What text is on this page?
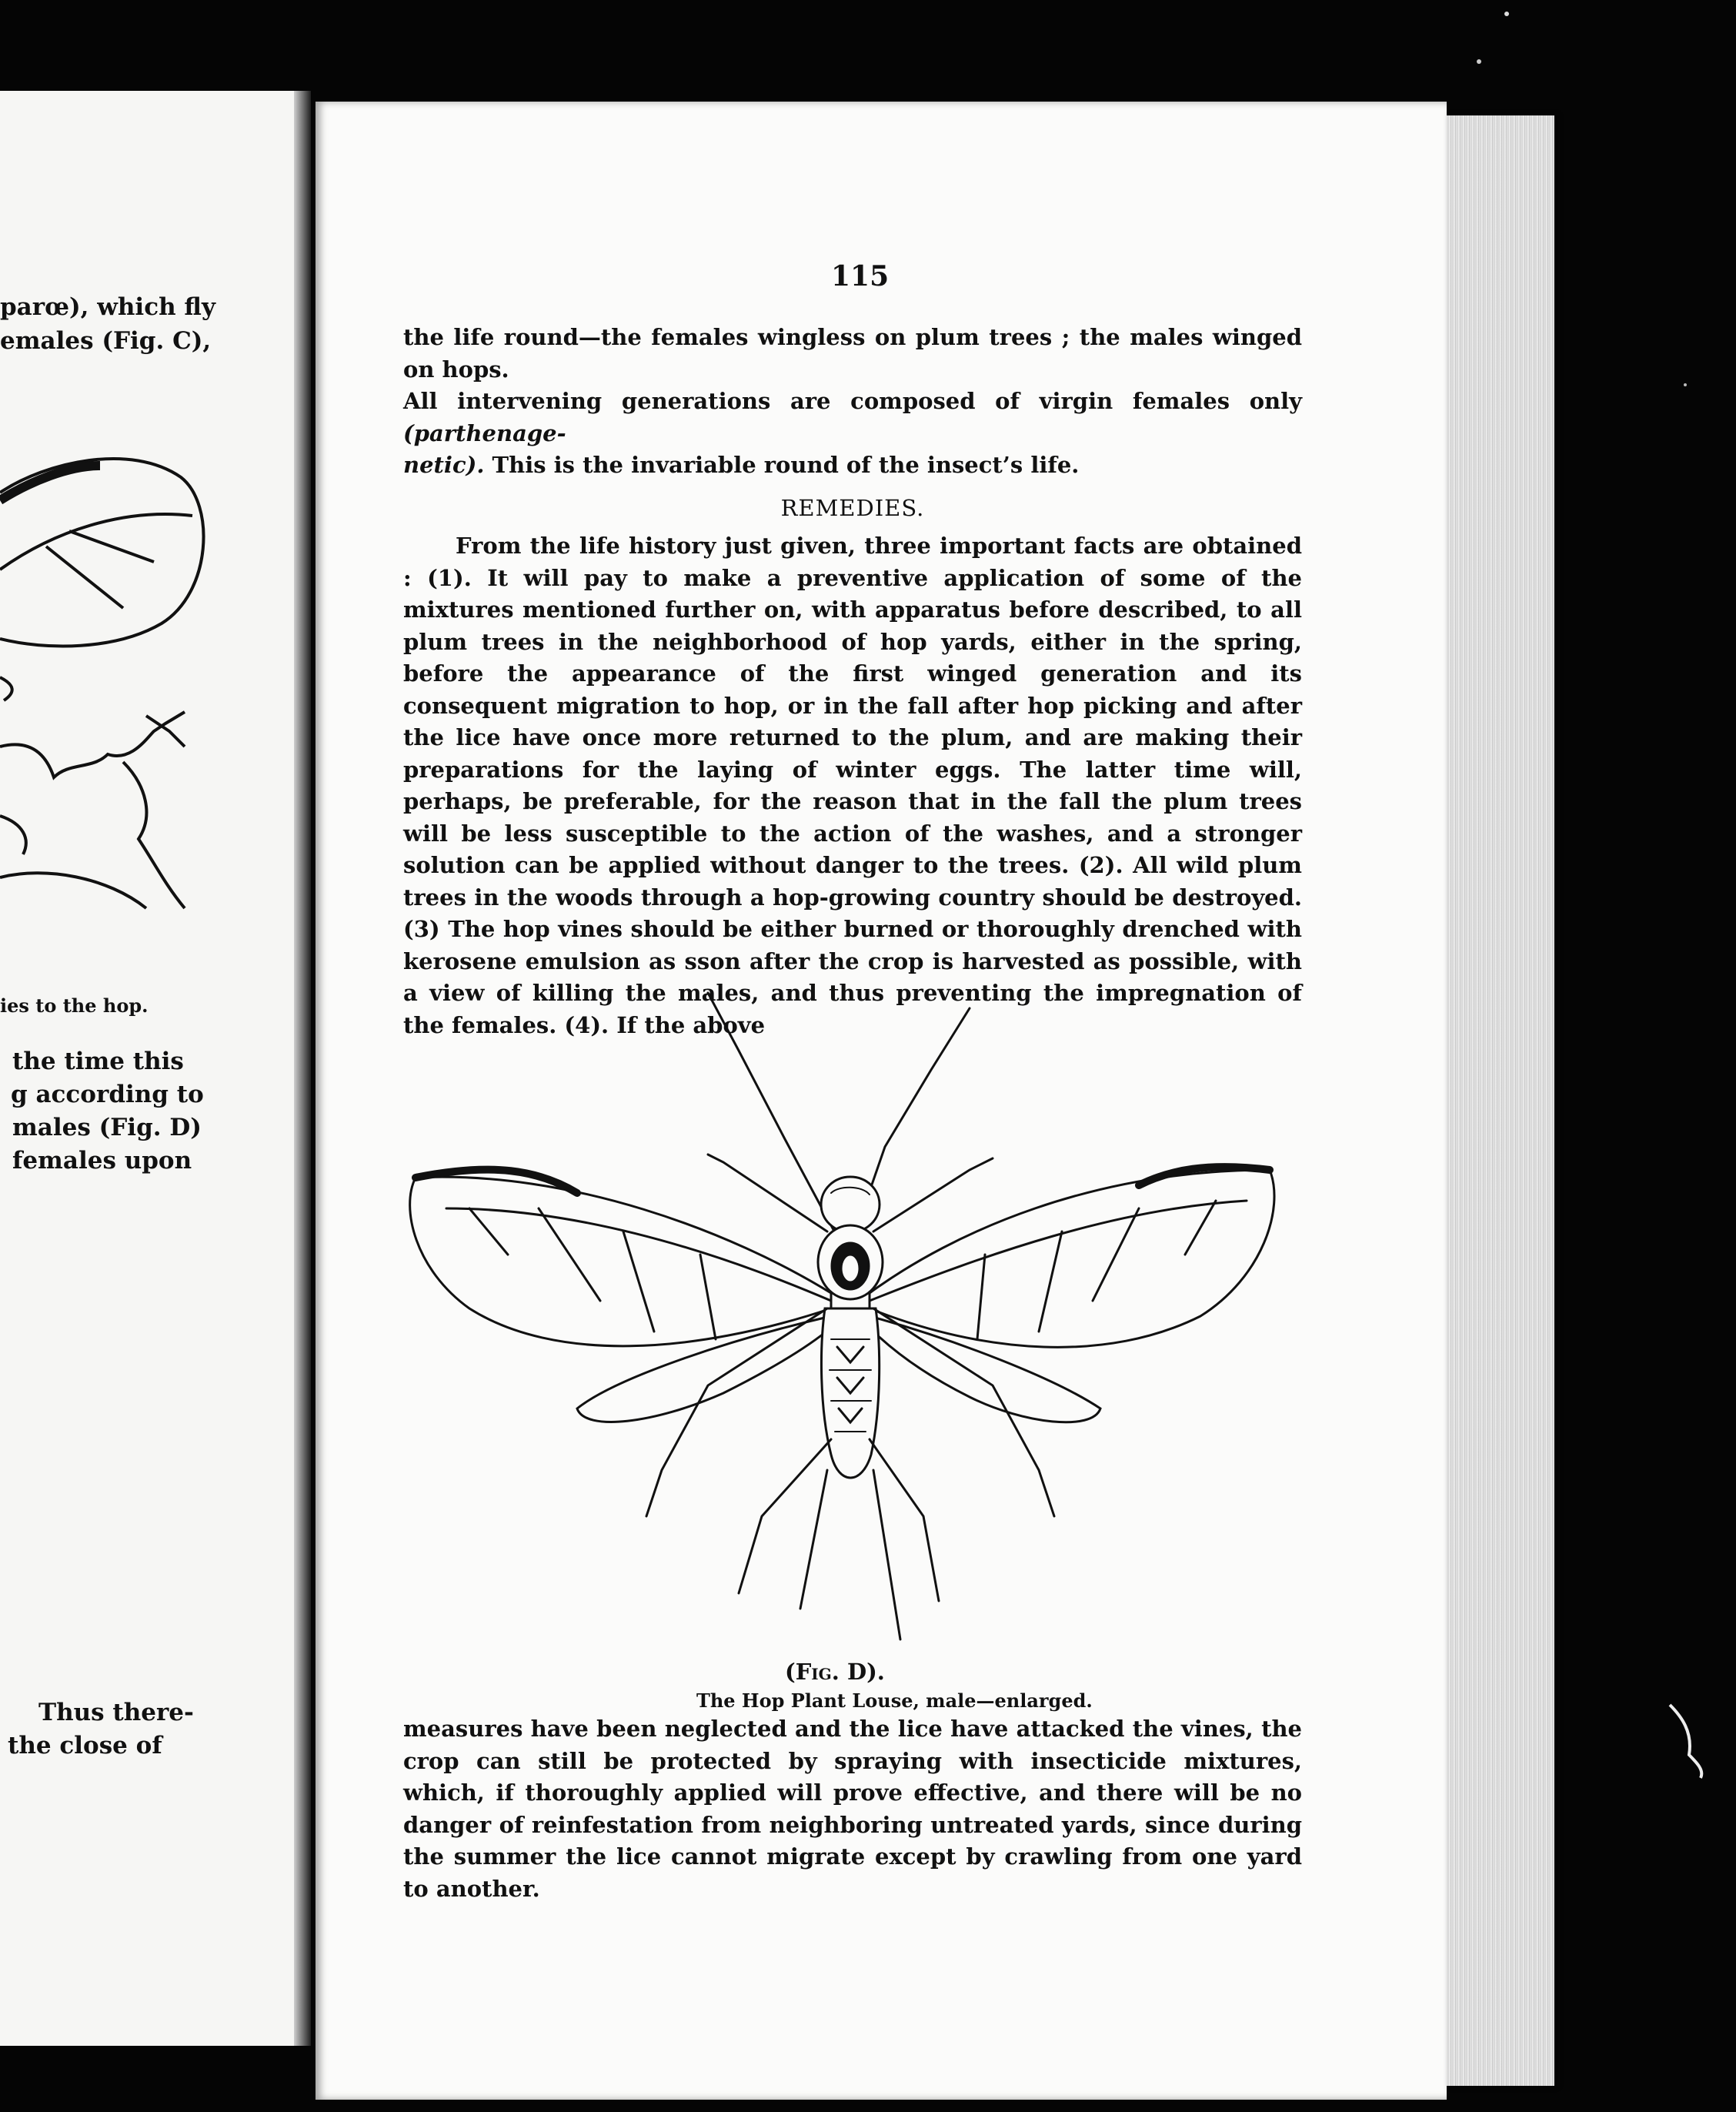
parœ), which fly
emales (Fig. C),
ies to the hop.
the time this
g according to
males (Fig. D)
females upon
Thus there-
the close of
115

the life round—the females wingless on plum trees ; the males winged on hops.

All intervening generations are composed of virgin females only (parthenage-

netic). This is the invariable round of the insect’s life.

REMEDIES.

From the life history just given, three important facts are obtained : (1). It will pay to make a preventive application of some of the mixtures mentioned further on, with apparatus before described, to all plum trees in the neighborhood of hop yards, either in the spring, before the appearance of the first winged generation and its consequent migration to hop, or in the fall after hop picking and after the lice have once more returned to the plum, and are making their preparations for the laying of winter eggs. The latter time will, perhaps, be preferable, for the reason that in the fall the plum trees will be less susceptible to the action of the washes, and a stronger solution can be applied without danger to the trees. (2). All wild plum trees in the woods through a hop-growing country should be destroyed. (3) The hop vines should be either burned or thoroughly drenched with kerosene emulsion as sson after the crop is harvested as possible, with a view of killing the males, and thus preventing the impregnation of the females. (4). If the above

(Fig. D).
The Hop Plant Louse, male—enlarged.

measures have been neglected and the lice have attacked the vines, the crop can still be protected by spraying with insecticide mixtures, which, if thoroughly applied will prove effective, and there will be no danger of reinfestation from neighboring untreated yards, since during the summer the lice cannot migrate except by crawling from one yard to another.
